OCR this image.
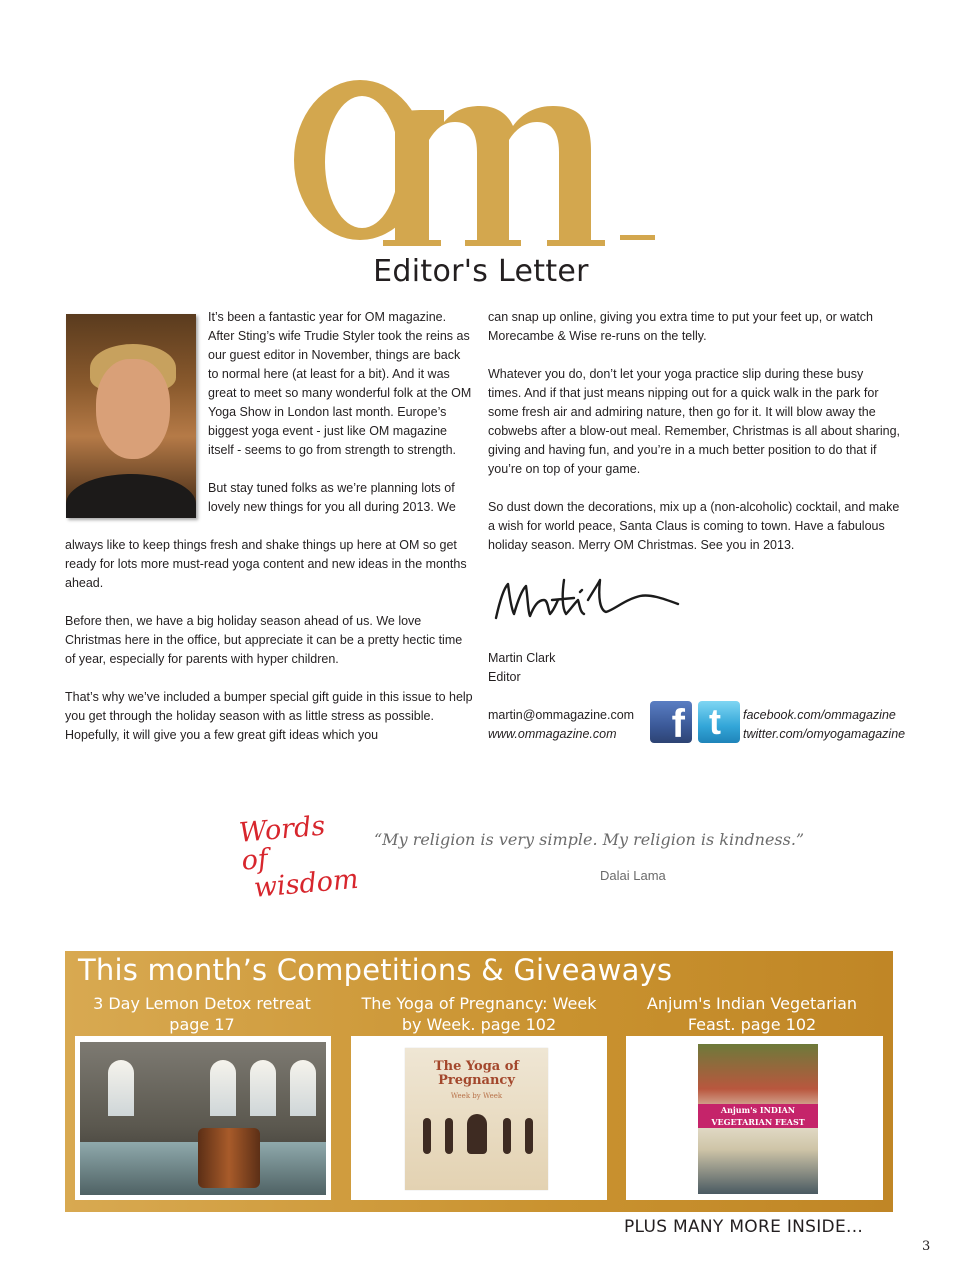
ॐ
Editor's Letter

It’s been a fantastic year for OM magazine. After Sting’s wife Trudie Styler took the reins as our guest editor in November, things are back to normal here (at least for a bit). And it was great to meet so many wonderful folk at the OM Yoga Show in London last month. Europe’s biggest yoga event - just like OM magazine itself - seems to go from strength to strength.

But stay tuned folks as we’re planning lots of lovely new things for you all during 2013. We

always like to keep things fresh and shake things up here at OM so get ready for lots more must-read yoga content and new ideas in the months ahead.

Before then, we have a big holiday season ahead of us. We love Christmas here in the office, but appreciate it can be a pretty hectic time of year, especially for parents with hyper children.

That’s why we’ve included a bumper special gift guide in this issue to help you get through the holiday season with as little stress as possible. Hopefully, it will give you a few great gift ideas which you

can snap up online, giving you extra time to put your feet up, or watch Morecambe & Wise re-runs on the telly.

Whatever you do, don’t let your yoga practice slip during these busy times. And if that just means nipping out for a quick walk in the park for some fresh air and admiring nature, then go for it. It will blow away the cobwebs after a blow-out meal. Remember, Christmas is all about sharing, giving and having fun, and you’re in a much better position to do that if you’re on top of your game.

So dust down the decorations, mix up a (non-alcoholic) cocktail, and make a wish for world peace, Santa Claus is coming to town. Have a fabulous holiday season. Merry OM Christmas. See you in 2013.

Martin Clark
Editor
martin@ommagazine.com
www.ommagazine.com f t facebook.com/ommagazine
twitter.com/omyogamagazine
Words of
wisdom
“My religion is very simple. My religion is kindness.”
Dalai Lama
This month’s Competitions & Giveaways
3 Day Lemon Detox retreat page 17
The Yoga of Pregnancy: Week by Week. page 102
Anjum's Indian Vegetarian Feast. page 102
The Yoga of Pregnancy
Week by Week
Anjum's INDIAN VEGETARIAN FEAST
PLUS MANY MORE INSIDE...
3
